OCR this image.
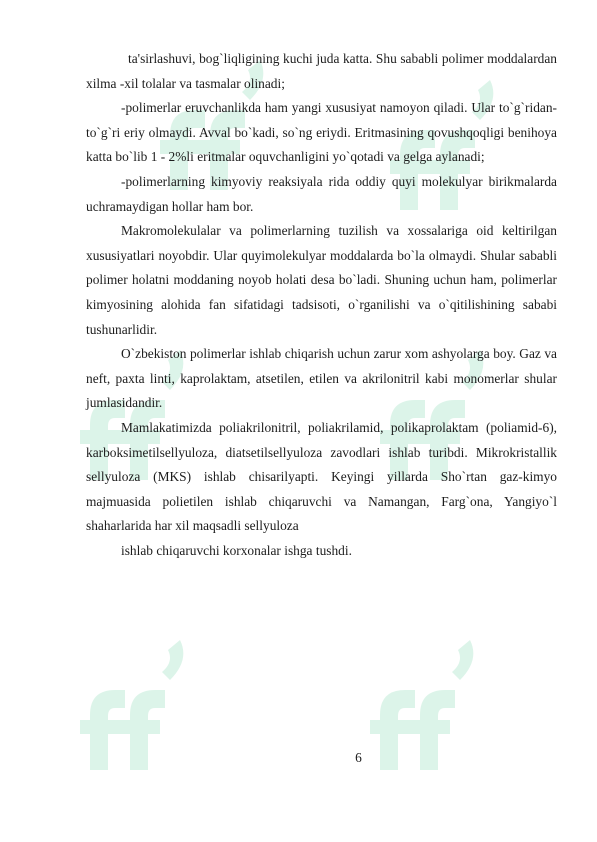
ta'sirlashuvi, bog`liqligining kuchi juda katta. Shu sababli polimer moddalardan xilma -xil tolalar va tasmalar olinadi;

-polimerlar eruvchanlikda ham yangi xususiyat namoyon qiladi. Ular to`g`ridan-to`g`ri eriy olmaydi. Avval bo`kadi, so`ng eriydi. Eritmasining qovushqoqligi benihoya katta bo`lib 1 - 2%li eritmalar oquvchanligini yo`qotadi va gelga aylanadi;

-polimerlarning kimyoviy reaksiyala rida oddiy quyi molekulyar birikmalarda uchramaydigan hollar ham bor.

Makromolekulalar va polimerlarning tuzilish va xossalariga oid keltirilgan xususiyatlari noyobdir. Ular quyimolekulyar moddalarda bo`la olmaydi. Shular sababli polimer holatni moddaning noyob holati desa bo`ladi. Shuning uchun ham, polimerlar kimyosining alohida fan sifatidagi tadsisoti, o`rganilishi va o`qitilishining sababi tushunarlidir.

O`zbekiston polimerlar ishlab chiqarish uchun zarur xom ashyolarga boy. Gaz va neft, paxta linti, kaprolaktam, atsetilen, etilen va akrilonitril kabi monomerlar shular jumlasidandir.

Mamlakatimizda poliakrilonitril, poliakrilamid, polikaprolaktam (poliamid-6), karboksimetilsellyuloza, diatsetilsellyuloza zavodlari ishlab turibdi. Mikrokristallik sellyuloza (MKS) ishlab chisarilyapti. Keyingi yillarda Sho`rtan gaz-kimyo majmuasida polietilen ishlab chiqaruvchi va Namangan, Farg`ona, Yangiyo`l shaharlarida har xil maqsadli sellyuloza

ishlab chiqaruvchi korxonalar ishga tushdi.

6
